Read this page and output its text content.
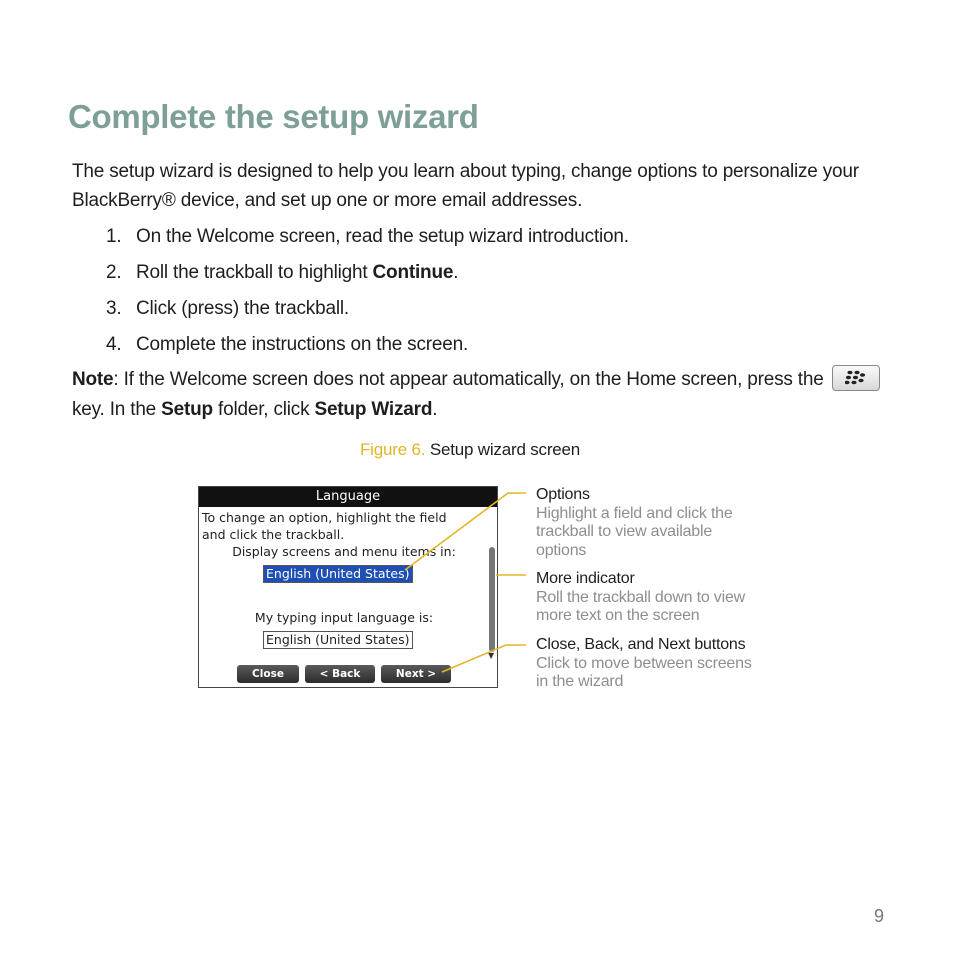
Complete the setup wizard

The setup wizard is designed to help you learn about typing, change options to personalize your BlackBerry® device, and set up one or more email addresses.

1. On the Welcome screen, read the setup wizard introduction.
2. Roll the trackball to highlight Continue.
3. Click (press) the trackball.
4. Complete the instructions on the screen.

Note: If the Welcome screen does not appear automatically, on the Home screen, press the
key. In the Setup folder, click Setup Wizard.

Figure 6. Setup wizard screen
Language
To change an option, highlight the field
and click the trackball.
Display screens and menu items in:
English (United States)
My typing input language is:
English (United States)
▼
Close	< Back	Next >
Options
Highlight a field and click the
trackball to view available
options
More indicator
Roll the trackball down to view
more text on the screen
Close, Back, and Next buttons
Click to move between screens
in the wizard
9
